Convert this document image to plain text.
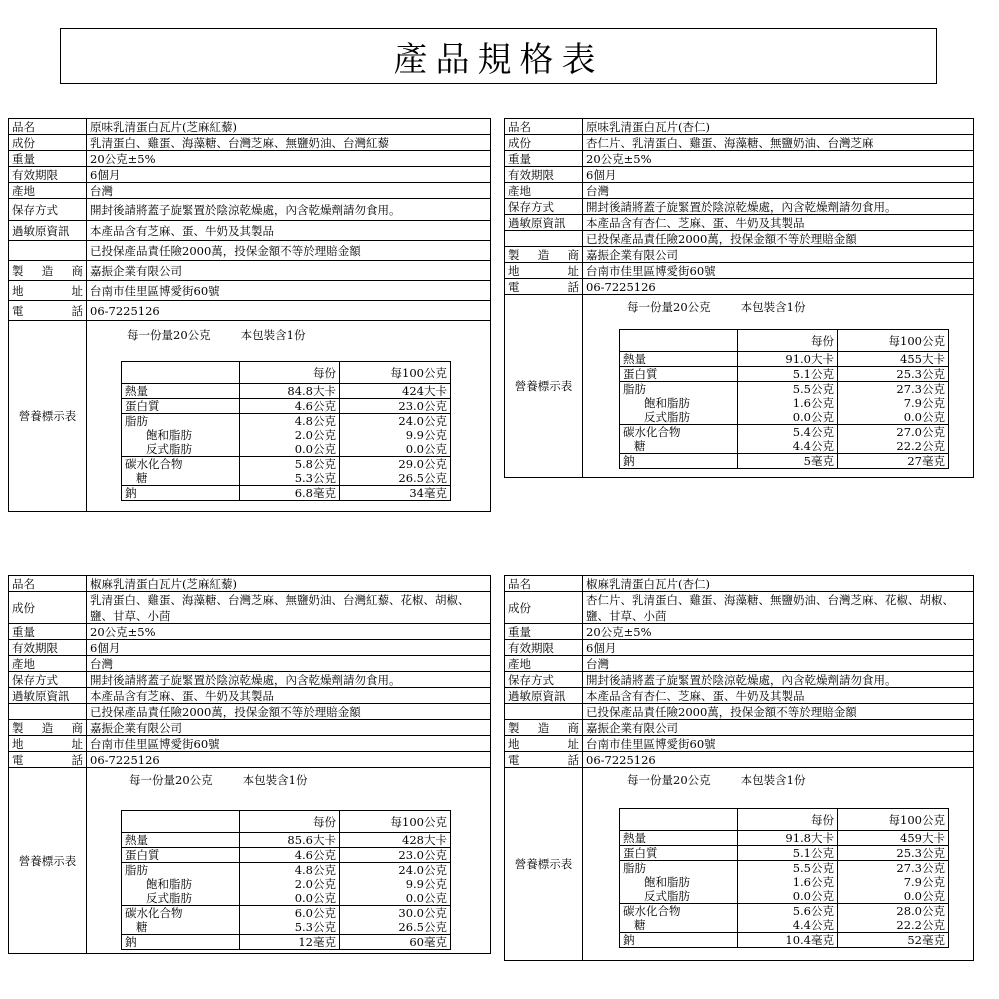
產品規格表
品名	原味乳清蛋白瓦片(芝麻紅藜)
成份	乳清蛋白、雞蛋、海藻糖、台灣芝麻、無鹽奶油、台灣紅藜
重量	20公克±5%
有效期限	6個月
產地	台灣
保存方式	開封後請將蓋子旋緊置於陰涼乾燥處，內含乾燥劑請勿食用。
過敏原資訊	本產品含有芝麻、蛋、牛奶及其製品
已投保產品責任險2000萬，投保金額不等於理賠金額
製 造 商 嘉振企業有限公司
地	址 台南市佳里區博愛街60號
電	話 06-7225126
營養標示表
每一份量20公克	本包裝含1份
	每份	每100公克
熱量	84.8大卡	424大卡
蛋白質	4.6公克	23.0公克
脂肪	4.8公克	24.0公克
飽和脂肪	2.0公克	9.9公克
反式脂肪	0.0公克	0.0公克
碳水化合物	5.8公克	29.0公克
糖	5.3公克	26.5公克
鈉	6.8毫克	34毫克
品名	原味乳清蛋白瓦片(杏仁)
成份	杏仁片、乳清蛋白、雞蛋、海藻糖、無鹽奶油、台灣芝麻
重量	20公克±5%
有效期限	6個月
產地	台灣
保存方式	開封後請將蓋子旋緊置於陰涼乾燥處，內含乾燥劑請勿食用。
過敏原資訊	本產品含有杏仁、芝麻、蛋、牛奶及其製品
已投保產品責任險2000萬，投保金額不等於理賠金額
製 造 商 嘉振企業有限公司
地	址 台南市佳里區博愛街60號
電	話 06-7225126
營養標示表
每一份量20公克	本包裝含1份
	每份	每100公克
熱量	91.0大卡	455大卡
蛋白質	5.1公克	25.3公克
脂肪	5.5公克	27.3公克
飽和脂肪	1.6公克	7.9公克
反式脂肪	0.0公克	0.0公克
碳水化合物	5.4公克	27.0公克
糖	4.4公克	22.2公克
鈉	5毫克	27毫克
品名	椒麻乳清蛋白瓦片(芝麻紅藜)
成份
乳清蛋白、雞蛋、海藻糖、台灣芝麻、無鹽奶油、台灣紅藜、花椒、胡椒、鹽、甘草、小茴
重量	20公克±5%
有效期限	6個月
產地	台灣
保存方式	開封後請將蓋子旋緊置於陰涼乾燥處，內含乾燥劑請勿食用。
過敏原資訊	本產品含有芝麻、蛋、牛奶及其製品
已投保產品責任險2000萬，投保金額不等於理賠金額
製 造 商 嘉振企業有限公司
地	址 台南市佳里區博愛街60號
電	話 06-7225126
營養標示表
每一份量20公克	本包裝含1份
	每份	每100公克
熱量	85.6大卡	428大卡
蛋白質	4.6公克	23.0公克
脂肪	4.8公克	24.0公克
飽和脂肪	2.0公克	9.9公克
反式脂肪	0.0公克	0.0公克
碳水化合物	6.0公克	30.0公克
糖	5.3公克	26.5公克
鈉	12毫克	60毫克
品名	椒麻乳清蛋白瓦片(杏仁)
成份
杏仁片、乳清蛋白、雞蛋、海藻糖、無鹽奶油、台灣芝麻、花椒、胡椒、鹽、甘草、小茴
重量	20公克±5%
有效期限	6個月
產地	台灣
保存方式	開封後請將蓋子旋緊置於陰涼乾燥處，內含乾燥劑請勿食用。
過敏原資訊	本產品含有杏仁、芝麻、蛋、牛奶及其製品
已投保產品責任險2000萬，投保金額不等於理賠金額
製 造 商 嘉振企業有限公司
地	址 台南市佳里區博愛街60號
電	話 06-7225126
營養標示表
每一份量20公克	本包裝含1份
	每份	每100公克
熱量	91.8大卡	459大卡
蛋白質	5.1公克	25.3公克
脂肪	5.5公克	27.3公克
飽和脂肪	1.6公克	7.9公克
反式脂肪	0.0公克	0.0公克
碳水化合物	5.6公克	28.0公克
糖	4.4公克	22.2公克
鈉	10.4毫克	52毫克
